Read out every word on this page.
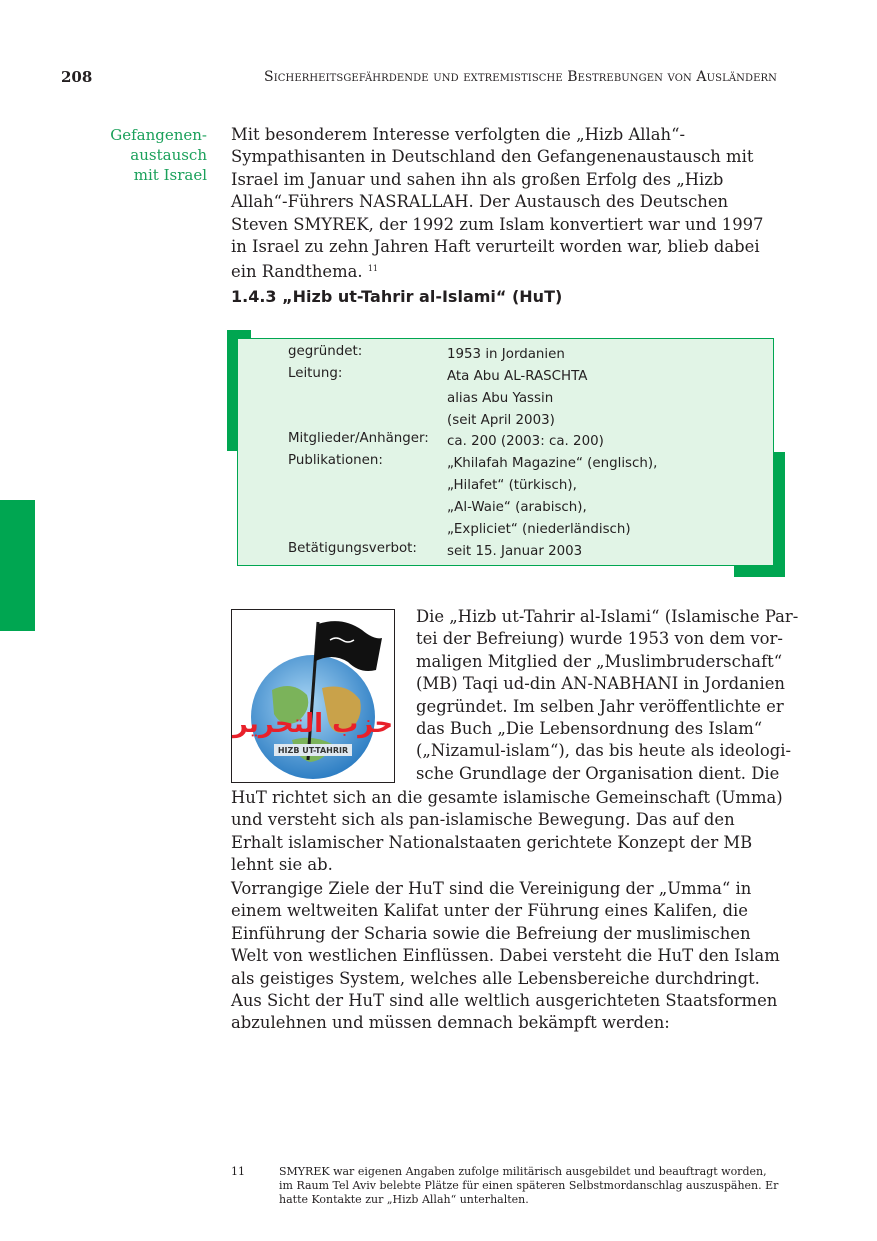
208	Sicherheitsgefährdende und extremistische Bestrebungen von Ausländern
Gefangenen-
austausch
mit Israel

Mit besonderem Interesse verfolgten die „Hizb Allah“-Sympathisanten in Deutschland den Gefangenenaustausch mit Israel im Januar und sahen ihn als großen Erfolg des „Hizb Allah“-Führers NASRALLAH. Der Austausch des Deutschen Steven SMYREK, der 1992 zum Islam konvertiert war und 1997 in Israel zu zehn Jahren Haft verurteilt worden war, blieb dabei ein Randthema. $^{11}$

1.4.3 „Hizb ut-Tahrir al-Islami“ (HuT)
gegründet:	1953 in Jordanien
Leitung:	Ata Abu AL-RASCHTA
alias Abu Yassin
(seit April 2003)
Mitglieder/Anhänger: ca. 200 (2003: ca. 200)
Publikationen:	„Khilafah Magazine“ (englisch),
„Hilafet“ (türkisch),
„Al-Waie“ (arabisch),
„Expliciet“ (niederländisch)
Betätigungsverbot: seit 15. Januar 2003
حزب التحرير
HIZB UT-TAHRIR
Die „Hizb ut-Tahrir al-Islami“ (Islamische Par-
tei der Befreiung) wurde 1953 von dem vor-
maligen Mitglied der „Muslimbruderschaft“
(MB) Taqi ud-din AN-NABHANI in Jordanien
gegründet. Im selben Jahr veröffentlichte er
das Buch „Die Lebensordnung des Islam“
(„Nizamul-islam“), das bis heute als ideologi-
sche Grundlage der Organisation dient. Die

HuT richtet sich an die gesamte islamische Gemeinschaft (Umma) und versteht sich als pan-islamische Bewegung. Das auf den Erhalt islamischer Nationalstaaten gerichtete Konzept der MB lehnt sie ab.

Vorrangige Ziele der HuT sind die Vereinigung der „Umma“ in einem weltweiten Kalifat unter der Führung eines Kalifen, die Einführung der Scharia sowie die Befreiung der muslimischen Welt von westlichen Einflüssen. Dabei versteht die HuT den Islam als geistiges System, welches alle Lebensbereiche durchdringt. Aus Sicht der HuT sind alle weltlich ausgerichteten Staatsformen abzulehnen und müssen demnach bekämpft werden:

11	SMYREK war eigenen Angaben zufolge militärisch ausgebildet und beauftragt worden, im Raum Tel Aviv belebte Plätze für einen späteren Selbstmordanschlag auszuspähen. Er hatte Kontakte zur „Hizb Allah“ unterhalten.
